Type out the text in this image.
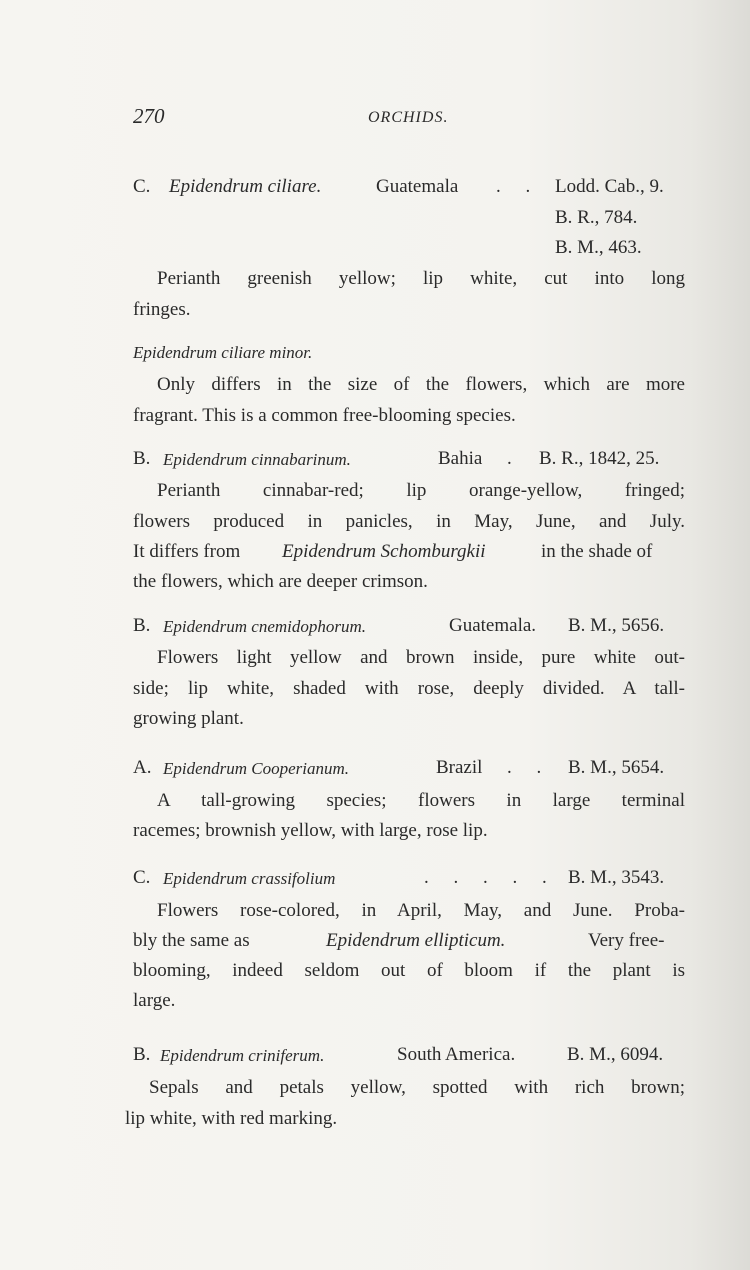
270	ORCHIDS.
C. Epidendrum ciliare.	Guatemala . . Lodd. Cab., 9.
B. R., 784.
B. M., 463.
Perianth greenish yellow; lip white, cut into long
fringes.
Epidendrum ciliare minor.
Only differs in the size of the flowers, which are more
fragrant. This is a common free-blooming species.
B. Epidendrum cinnabarinum.	Bahia . B. R., 1842, 25.
Perianth cinnabar-red; lip orange-yellow, fringed;
flowers produced in panicles, in May, June, and July.
It differs from Epidendrum Schomburgkii	in the shade of
the flowers, which are deeper crimson.
B. Epidendrum cnemidophorum.	Guatemala. B. M., 5656.
Flowers light yellow and brown inside, pure white out-
side; lip white, shaded with rose, deeply divided. A tall-
growing plant.
A. Epidendrum Cooperianum.	Brazil . . B. M., 5654.
A tall-growing species; flowers in large terminal
racemes; brownish yellow, with large, rose lip.
C. Epidendrum crassifolium	. . . . . B. M., 3543.
Flowers rose-colored, in April, May, and June. Proba-
bly the same as	Epidendrum ellipticum.	Very free-
blooming, indeed seldom out of bloom if the plant is
large.
B. Epidendrum criniferum.	South America.	B. M., 6094.
Sepals and petals yellow, spotted with rich brown;
lip white, with red marking.
